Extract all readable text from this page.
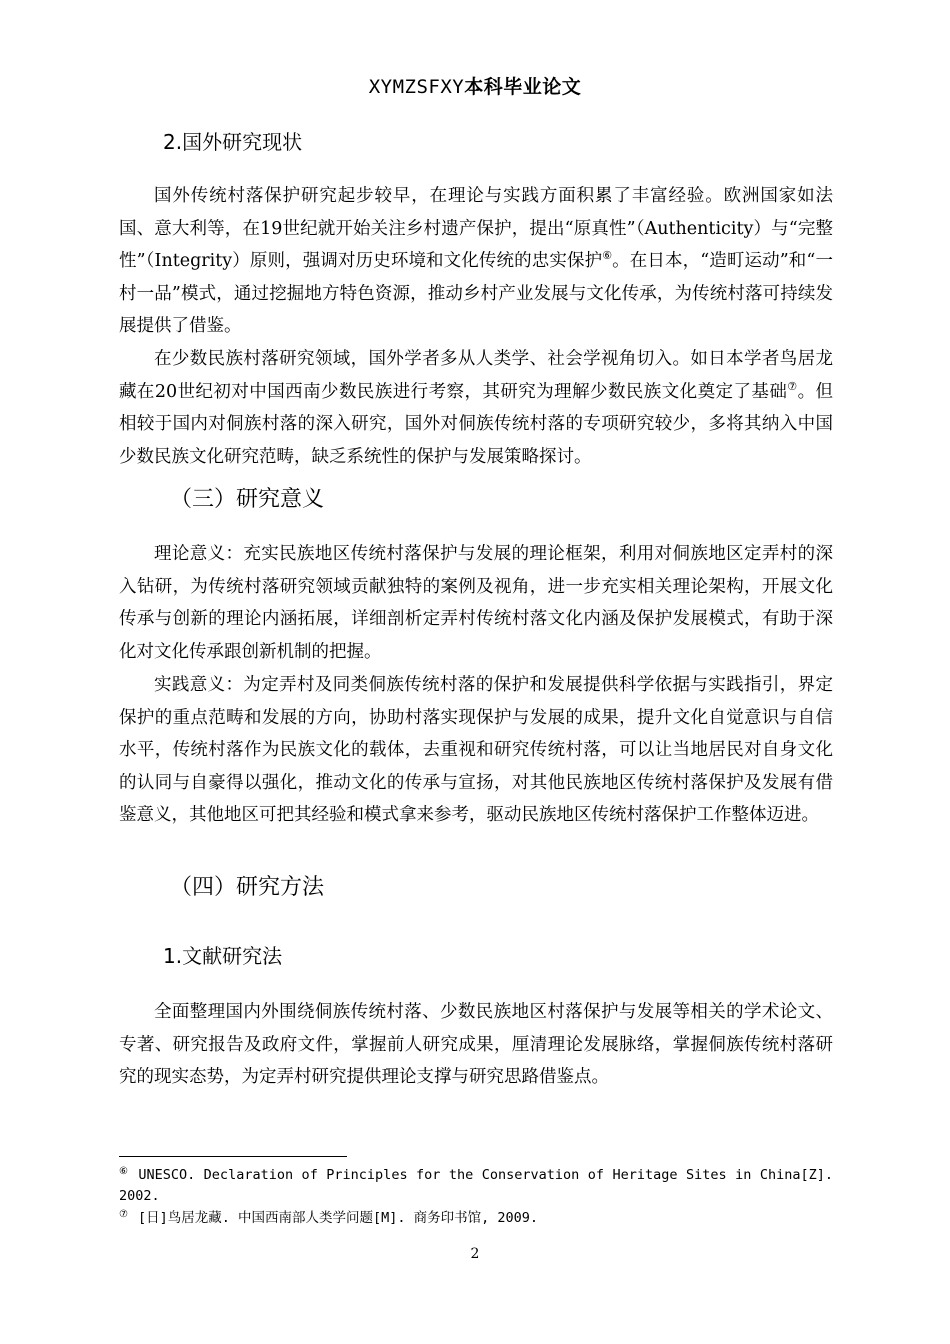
XYMZSFXY本科毕业论文
2.国外研究现状

国外传统村落保护研究起步较早，在理论与实践方面积累了丰富经验。欧洲国家如法国、意大利等，在19世纪就开始关注乡村遗产保护，提出“原真性”（Authenticity）与“完整性”（Integrity）原则，强调对历史环境和文化传统的忠实保护⑥。在日本，“造町运动”和“一村一品”模式，通过挖掘地方特色资源，推动乡村产业发展与文化传承，为传统村落可持续发展提供了借鉴。

在少数民族村落研究领域，国外学者多从人类学、社会学视角切入。如日本学者鸟居龙藏在20世纪初对中国西南少数民族进行考察，其研究为理解少数民族文化奠定了基础⑦。但相较于国内对侗族村落的深入研究，国外对侗族传统村落的专项研究较少，多将其纳入中国少数民族文化研究范畴，缺乏系统性的保护与发展策略探讨。

（三）研究意义

理论意义：充实民族地区传统村落保护与发展的理论框架，利用对侗族地区定弄村的深入钻研，为传统村落研究领域贡献独特的案例及视角，进一步充实相关理论架构，开展文化传承与创新的理论内涵拓展，详细剖析定弄村传统村落文化内涵及保护发展模式，有助于深化对文化传承跟创新机制的把握。

实践意义：为定弄村及同类侗族传统村落的保护和发展提供科学依据与实践指引，界定保护的重点范畴和发展的方向，协助村落实现保护与发展的成果，提升文化自觉意识与自信水平，传统村落作为民族文化的载体，去重视和研究传统村落，可以让当地居民对自身文化的认同与自豪得以强化，推动文化的传承与宣扬，对其他民族地区传统村落保护及发展有借鉴意义，其他地区可把其经验和模式拿来参考，驱动民族地区传统村落保护工作整体迈进。

（四）研究方法
1.文献研究法

全面整理国内外围绕侗族传统村落、少数民族地区村落保护与发展等相关的学术论文、专著、研究报告及政府文件，掌握前人研究成果，厘清理论发展脉络，掌握侗族传统村落研究的现实态势，为定弄村研究提供理论支撑与研究思路借鉴点。

⑥ UNESCO. Declaration of Principles for the Conservation of Heritage Sites in China[Z]. 2002.

⑦ [日]鸟居龙藏. 中国西南部人类学问题[M]. 商务印书馆, 2009.

2
